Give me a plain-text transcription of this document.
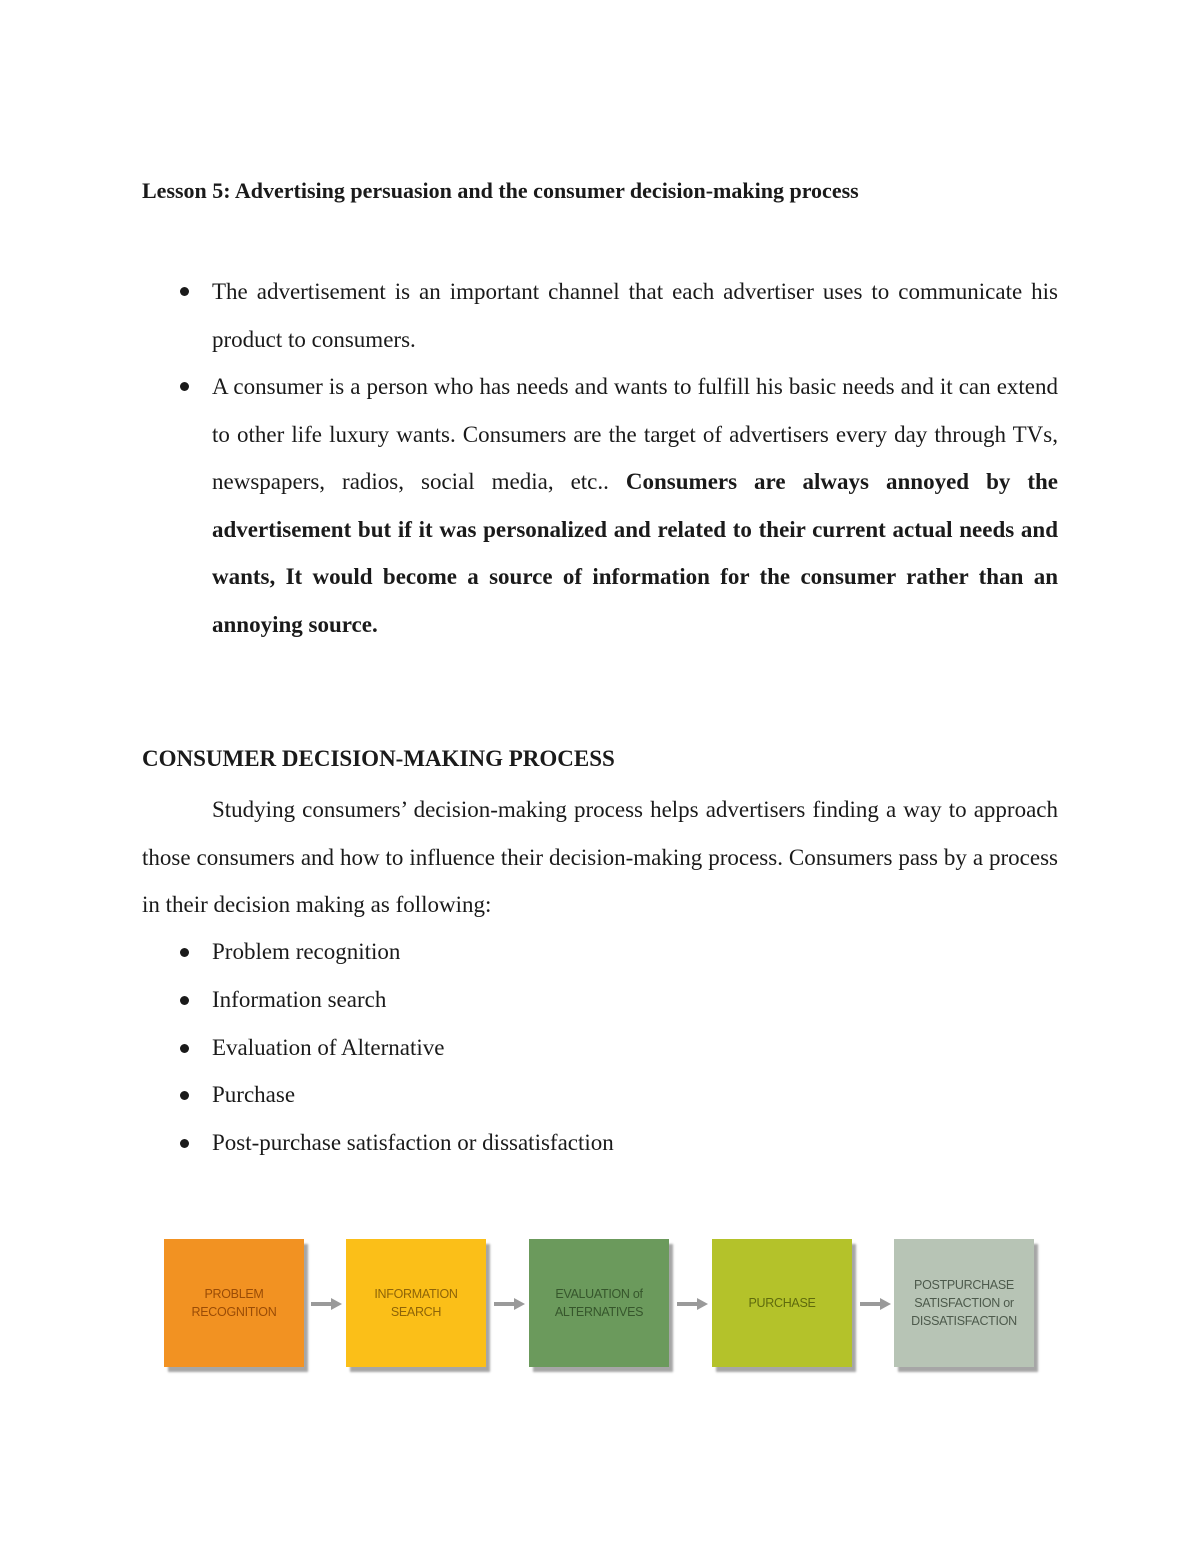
Lesson 5: Advertising persuasion and the consumer decision-making process
The advertisement is an important channel that each advertiser uses to communicate his product to consumers.
A consumer is a person who has needs and wants to fulfill his basic needs and it can extend to other life luxury wants. Consumers are the target of advertisers every day through TVs, newspapers, radios, social media, etc.. Consumers are always annoyed by the advertisement but if it was personalized and related to their current actual needs and wants, It would become a source of information for the consumer rather than an annoying source.
CONSUMER DECISION-MAKING PROCESS

Studying consumers’ decision-making process helps advertisers finding a way to approach those consumers and how to influence their decision-making process. Consumers pass by a process in their decision making as following:

Problem recognition
Information search
Evaluation of Alternative
Purchase
Post-purchase satisfaction or dissatisfaction
PROBLEM
RECOGNITION
INFORMATION
SEARCH
EVALUATION of
ALTERNATIVES
PURCHASE
POSTPURCHASE
SATISFACTION or
DISSATISFACTION
